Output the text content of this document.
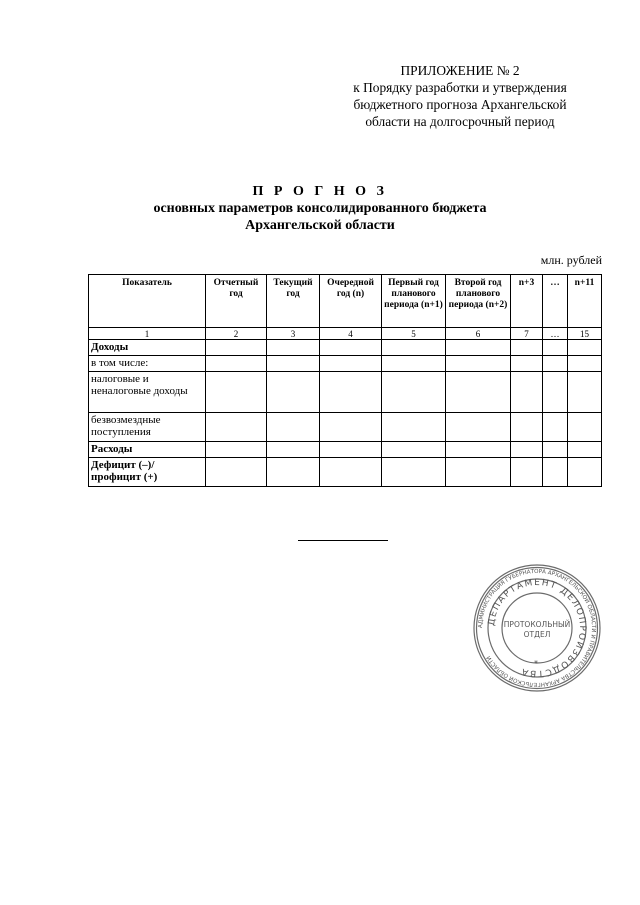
ПРИЛОЖЕНИЕ № 2
к Порядку разработки и утверждения
бюджетного прогноза Архангельской
области на долгосрочный период
П Р О Г Н О З
основных параметров консолидированного бюджета
Архангельской области
млн. рублей
Показатель	Отчетный год	Текущий год	Очередной год (n)	Первый год планового периода (n+1)	Второй год планового периода (n+2)	n+3	…	n+11
1	2	3	4	5	6	7	…	15
Доходы								
в том числе:								
налоговые и неналоговые доходы								
безвозмездные поступления								
Расходы								
Дефицит (–)/ профицит (+)								
АДМИНИСТРАЦИЯ ГУБЕРНАТОРА АРХАНГЕЛЬСКОЙ ОБЛАСТИ И ПРАВИТЕЛЬСТВА АРХАНГЕЛЬСКОЙ ОБЛАСТИ
ДЕПАРТАМЕНТ ДЕЛОПРОИЗВОДСТВА
ПРОТОКОЛЬНЫЙ
ОТДЕЛ
*
